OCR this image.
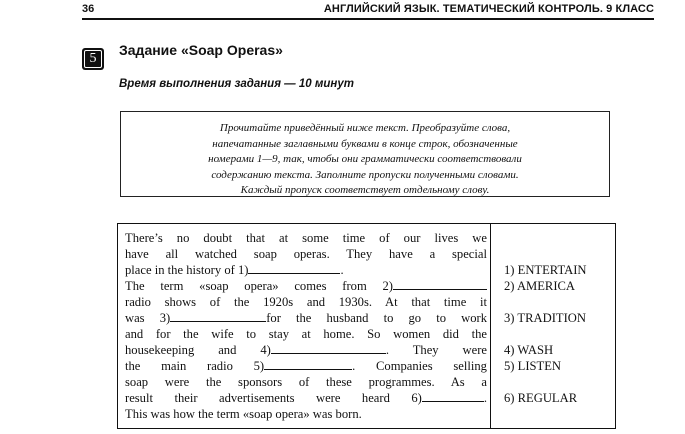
36	АНГЛИЙСКИЙ ЯЗЫК. ТЕМАТИЧЕСКИЙ КОНТРОЛЬ. 9 КЛАСС
5
Задание «Soap Operas»
Время выполнения задания — 10 минут
Прочитайте приведённый ниже текст. Преобразуйте слова,
напечатанные заглавными буквами в конце строк, обозначенные
номерами 1—9, так, чтобы они грамматически соответствовали
содержанию текста. Заполните пропуски полученными словами.
Каждый пропуск соответствует отдельному слову.
There’s no doubt that at some time of our lives we
have all watched soap operas. They have a special
place in the history of 1)	.
The term «soap opera» comes from 2)
radio shows of the 1920s and 1930s. At that time it
was 3)	for the husband to go to work
and for the wife to stay at home. So women did the
housekeeping and 4)	. They were
the main radio 5)	. Companies selling
soap were the sponsors of these programmes. As a
result their advertisements were heard 6)	.
This was how the term «soap opera» was born.
1) ENTERTAIN
2) AMERICA
3) TRADITION
4) WASH
5) LISTEN
6) REGULAR
